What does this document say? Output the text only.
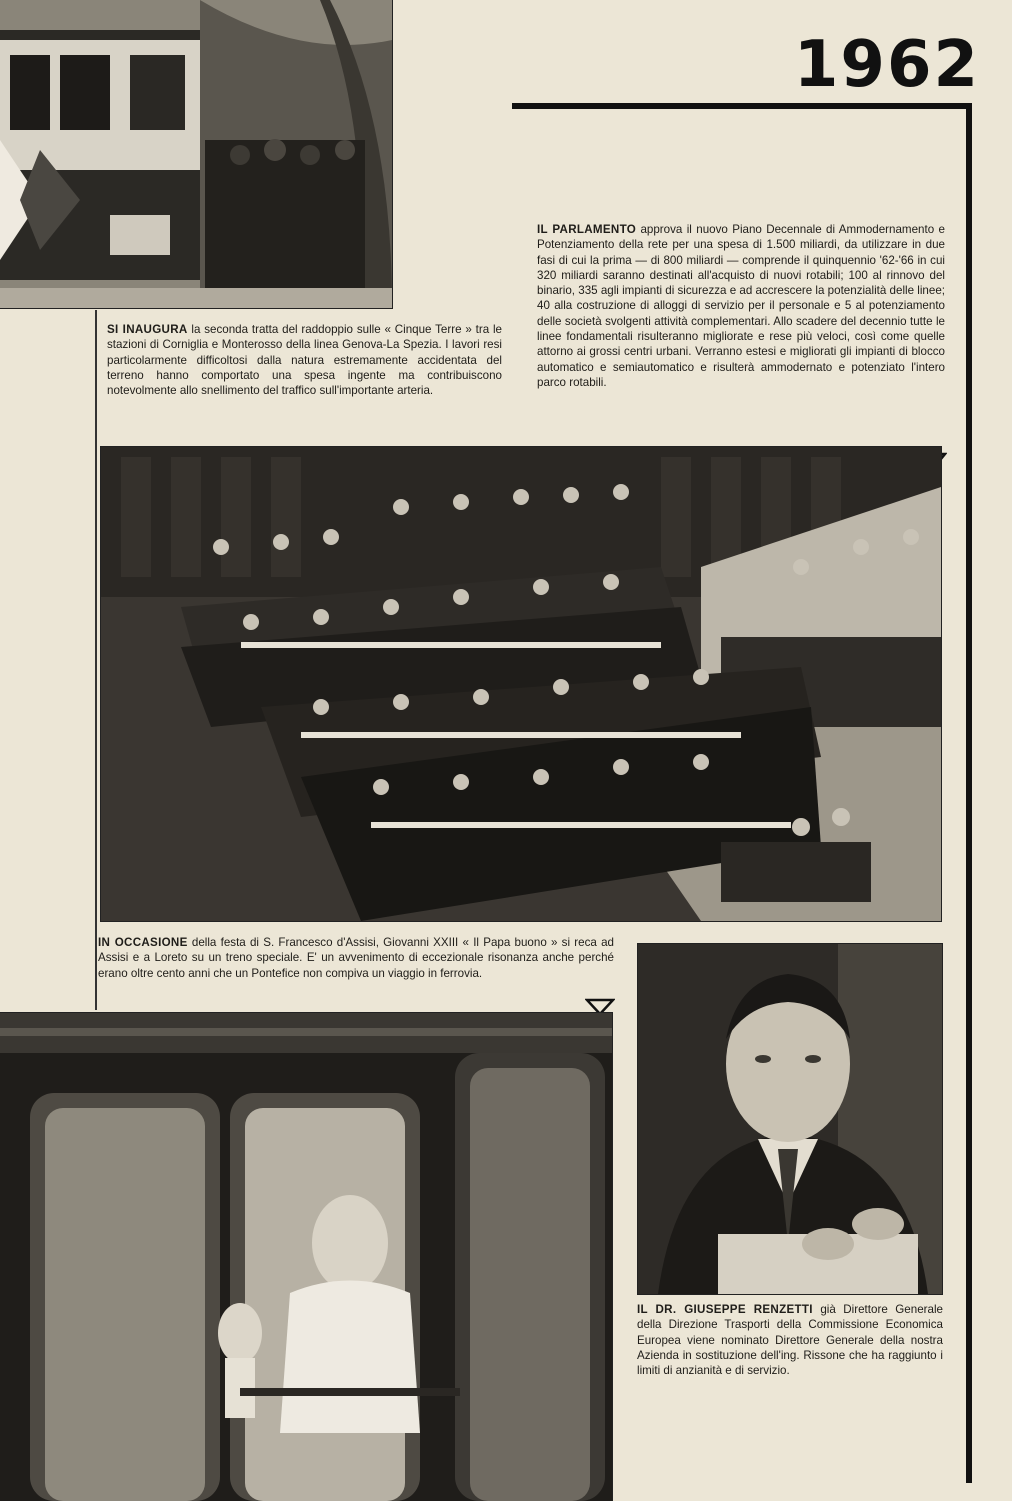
1962
SI INAUGURA la seconda tratta del raddoppio sulle « Cinque Terre » tra le stazioni di Corniglia e Monterosso della linea Genova-La Spezia. I lavori resi particolarmente difficoltosi dalla natura estremamente accidentata del terreno hanno comportato una spesa ingente ma contribuiscono notevolmente allo snellimento del traffico sull'importante arteria.
IL PARLAMENTO approva il nuovo Piano Decennale di Ammodernamento e Potenziamento della rete per una spesa di 1.500 miliardi, da utilizzare in due fasi di cui la prima — di 800 miliardi — comprende il quinquennio '62-'66 in cui 320 miliardi saranno destinati all'acquisto di nuovi rotabili; 100 al rinnovo del binario, 335 agli impianti di sicurezza e ad accrescere la potenzialità delle linee; 40 alla costruzione di alloggi di servizio per il personale e 5 al potenziamento delle società svolgenti attività complementari. Allo scadere del decennio tutte le linee fondamentali risulteranno migliorate e rese più veloci, così come quelle attorno ai grossi centri urbani. Verranno estesi e migliorati gli impianti di blocco automatico e semiautomatico e risulterà ammodernato e potenziato l'intero parco rotabili.
IN OCCASIONE della festa di S. Francesco d'Assisi, Giovanni XXIII « Il Papa buono » si reca ad Assisi e a Loreto su un treno speciale. E' un avvenimento di eccezionale risonanza anche perché erano oltre cento anni che un Pontefice non compiva un viaggio in ferrovia.
IL DR. GIUSEPPE RENZETTI già Direttore Generale della Direzione Trasporti della Commissione Economica Europea viene nominato Direttore Generale della nostra Azienda in sostituzione dell'ing. Rissone che ha raggiunto i limiti di anzianità e di servizio.
